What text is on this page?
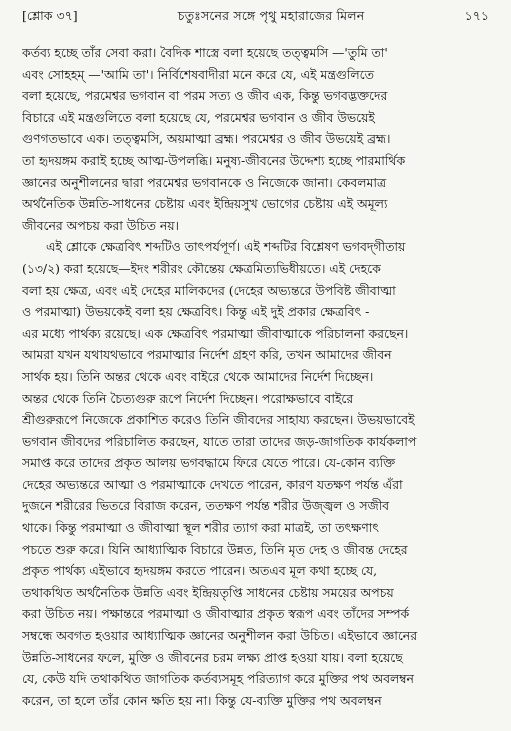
[শ্লোক ৩৭]	চতুঃসনের সঙ্গে পৃথু মহারাজের মিলন	১৭১
কর্তব্য হচ্ছে তাঁর সেবা করা। বৈদিক শাস্ত্রে বলা হয়েছে তত্ত্বমসি —'তুমি তা'
এবং সোহহম্ —'আমি তা'। নির্বিশেষবাদীরা মনে করে যে, এই মন্ত্রগুলিতে
বলা হয়েছে, পরমেশ্বর ভগবান বা পরম সত্য ও জীব এক, কিন্তু ভগবদ্ভক্তদের
বিচারে এই মন্ত্রগুলিতে বলা হয়েছে যে, পরমেশ্বর ভগবান ও জীব উভয়েই
গুণগতভাবে এক। তত্ত্বমসি, অয়মাত্মা ব্রহ্ম। পরমেশ্বর ও জীব উভয়েই ব্রহ্ম।
তা হৃদয়ঙ্গম করাই হচ্ছে আত্ম-উপলব্ধি। মনুষ্য-জীবনের উদ্দেশ্য হচ্ছে পারমার্থিক
জ্ঞানের অনুশীলনের দ্বারা পরমেশ্বর ভগবানকে ও নিজেকে জানা। কেবলমাত্র
অর্থনৈতিক উন্নতি-সাধনের চেষ্টায় এবং ইন্দ্রিয়সুখ ভোগের চেষ্টায় এই অমূল্য
জীবনের অপচয় করা উচিত নয়।
এই শ্লোকে ক্ষেত্রবিৎ শব্দটিও তাৎপর্যপূর্ণ। এই শব্দটির বিশ্লেষণ ভগবদ্‌গীতায়
(১৩/২) করা হয়েছে—ইদং শরীরং কৌন্তেয় ক্ষেত্রমিত্যভিধীয়তে। এই দেহকে
বলা হয় ক্ষেত্র, এবং এই দেহের মালিকদের (দেহের অভ্যন্তরে উপবিষ্ট জীবাত্মা
ও পরমাত্মা) উভয়কেই বলা হয় ক্ষেত্রবিৎ। কিন্তু এই দুই প্রকার ক্ষেত্রবিৎ -
এর মধ্যে পার্থক্য রয়েছে। এক ক্ষেত্রবিৎ পরমাত্মা জীবাত্মাকে পরিচালনা করছেন।
আমরা যখন যথাযথভাবে পরমাত্মার নির্দেশ গ্রহণ করি, তখন আমাদের জীবন
সার্থক হয়। তিনি অন্তর থেকে এবং বাইরে থেকে আমাদের নির্দেশ দিচ্ছেন।
অন্তর থেকে তিনি চৈত্যগুরু রূপে নির্দেশ দিচ্ছেন। পরোক্ষভাবে বাইরে
শ্রীগুরুরূপে নিজেকে প্রকাশিত করেও তিনি জীবদের সাহায্য করছেন। উভয়ভাবেই
ভগবান জীবদের পরিচালিত করছেন, যাতে তারা তাদের জড়-জাগতিক কার্যকলাপ
সমাপ্ত করে তাদের প্রকৃত আলয় ভগবদ্ধামে ফিরে যেতে পারে। যে-কোন ব্যক্তি
দেহের অভ্যন্তরে আত্মা ও পরমাত্মাকে দেখতে পারেন, কারণ যতক্ষণ পর্যন্ত এঁরা
দুজনে শরীরের ভিতরে বিরাজ করেন, ততক্ষণ পর্যন্ত শরীর উজ্জ্বল ও সজীব
থাকে। কিন্তু পরমাত্মা ও জীবাত্মা স্থূল শরীর ত্যাগ করা মাত্রই, তা তৎক্ষণাৎ
পচতে শুরু করে। যিনি আধ্যাত্মিক বিচারে উন্নত, তিনি মৃত দেহ ও জীবন্ত দেহের
প্রকৃত পার্থক্য এইভাবে হৃদয়ঙ্গম করতে পারেন। অতএব মূল কথা হচ্ছে যে,
তথাকথিত অর্থনৈতিক উন্নতি এবং ইন্দ্রিয়তৃপ্তি সাধনের চেষ্টায় সময়ের অপচয়
করা উচিত নয়। পক্ষান্তরে পরমাত্মা ও জীবাত্মার প্রকৃত স্বরূপ এবং তাঁদের সম্পর্ক
সম্বন্ধে অবগত হওয়ার আধ্যাত্মিক জ্ঞানের অনুশীলন করা উচিত। এইভাবে জ্ঞানের
উন্নতি-সাধনের ফলে, মুক্তি ও জীবনের চরম লক্ষ্য প্রাপ্ত হওয়া যায়। বলা হয়েছে
যে, কেউ যদি তথাকথিত জাগতিক কর্তব্যসমূহ পরিত্যাগ করে মুক্তির পথ অবলম্বন
করেন, তা হলে তাঁর কোন ক্ষতি হয় না। কিন্তু যে-ব্যক্তি মুক্তির পথ অবলম্বন
